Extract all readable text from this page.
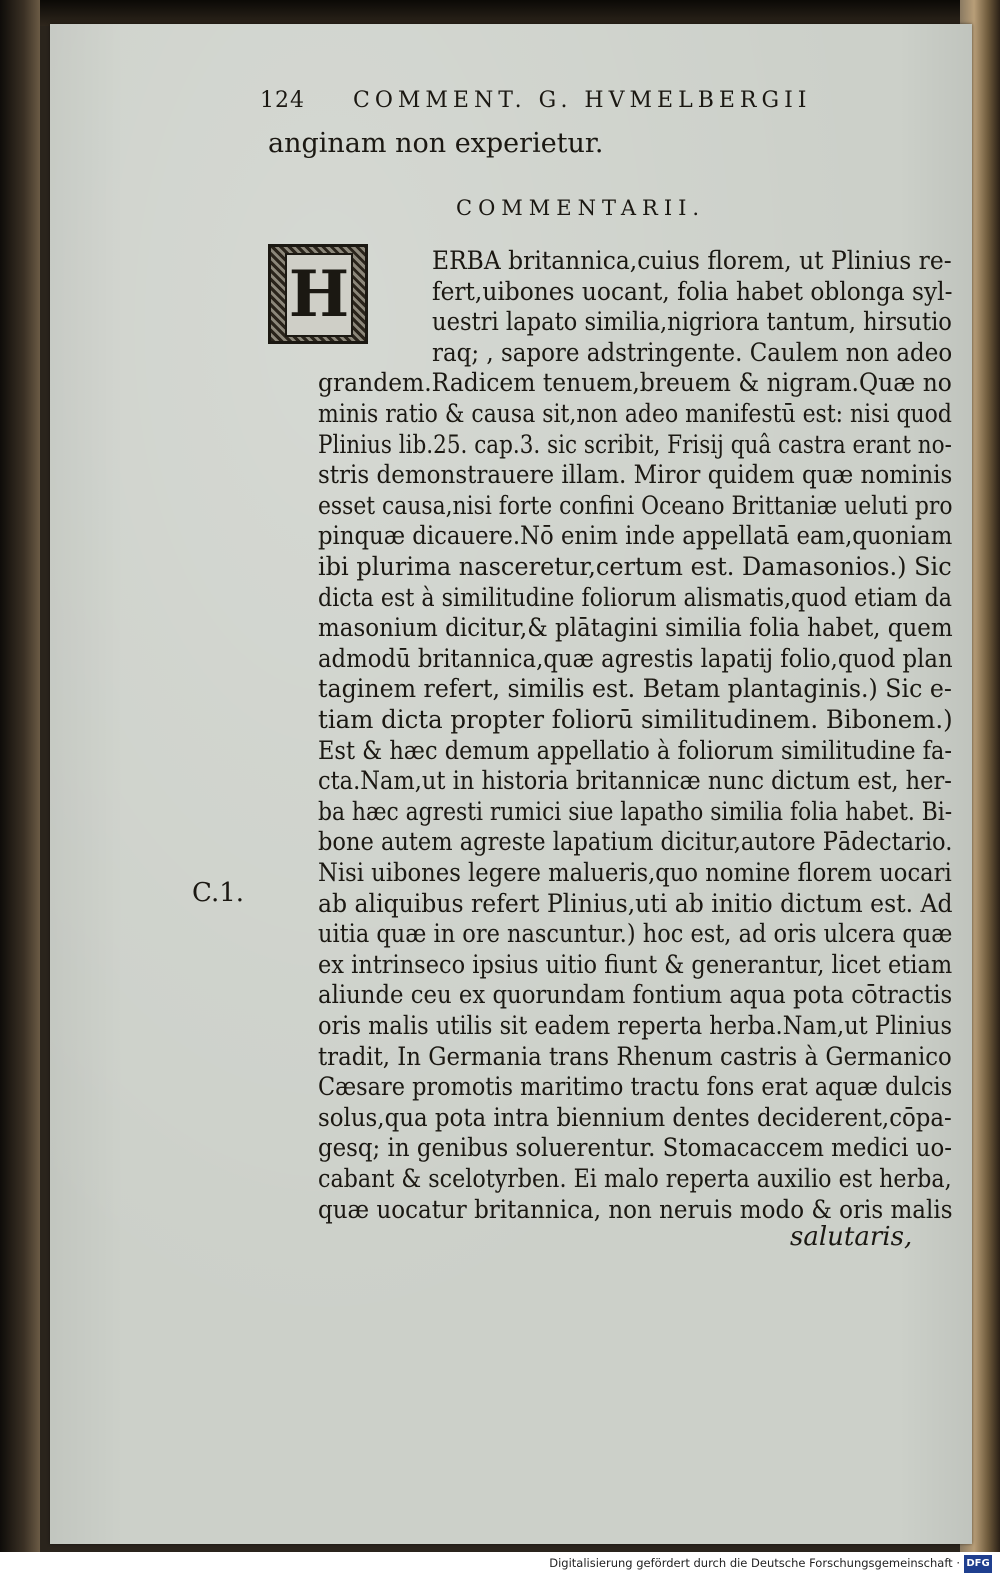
124 COMMENT. G. HVMELBERGII
anginam non experietur.
COMMENTARII.
H	ERBA britannica,cuius florem, ut Plinius re-
fert,uibones uocant, folia habet oblonga syl-
uestri lapato similia,nigriora tantum, hirsutio
raq; , sapore adstringente. Caulem non adeo
grandem.Radicem tenuem,breuem & nigram.Quæ no
minis ratio & causa sit,non adeo manifestū est: nisi quod
Plinius lib.25. cap.3. sic scribit, Frisij quâ castra erant no-
stris demonstrauere illam. Miror quidem quæ nominis
esset causa,nisi forte confini Oceano Brittaniæ ueluti pro
pinquæ dicauere.Nō enim inde appellatā eam,quoniam
ibi plurima nasceretur,certum est. Damasonios.) Sic
dicta est à similitudine foliorum alismatis,quod etiam da
masonium dicitur,& plātagini similia folia habet, quem
admodū britannica,quæ agrestis lapatij folio,quod plan
taginem refert, similis est. Betam plantaginis.) Sic e-
tiam dicta propter foliorū similitudinem. Bibonem.)
Est & hæc demum appellatio à foliorum similitudine fa-
cta.Nam,ut in historia britannicæ nunc dictum est, her-
ba hæc agresti rumici siue lapatho similia folia habet. Bi-
bone autem agreste lapatium dicitur,autore Pādectario.
Nisi uibones legere malueris,quo nomine florem uocari
ab aliquibus refert Plinius,uti ab initio dictum est. Ad
uitia quæ in ore nascuntur.) hoc est, ad oris ulcera quæ
ex intrinseco ipsius uitio fiunt & generantur, licet etiam
aliunde ceu ex quorundam fontium aqua pota cōtractis
oris malis utilis sit eadem reperta herba.Nam,ut Plinius
tradit, In Germania trans Rhenum castris à Germanico
Cæsare promotis maritimo tractu fons erat aquæ dulcis
solus,qua pota intra biennium dentes deciderent,cōpa-
gesq; in genibus soluerentur. Stomacaccem medici uo-
cabant & scelotyrben. Ei malo reperta auxilio est herba,
quæ uocatur britannica, non neruis modo & oris malis
C.1.
salutaris,
Digitalisierung gefördert durch die Deutsche Forschungsgemeinschaft · DFG
